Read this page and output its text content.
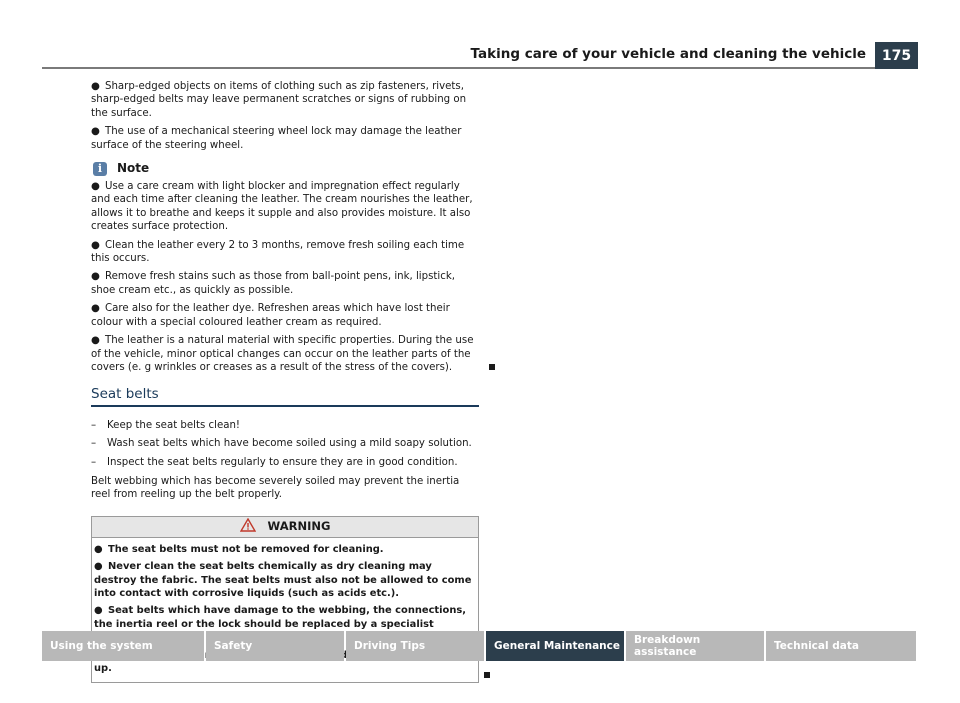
Taking care of your vehicle and cleaning the vehicle	175
● Sharp-edged objects on items of clothing such as zip fasteners, rivets, sharp-edged belts may leave permanent scratches or signs of rubbing on the surface.
● The use of a mechanical steering wheel lock may damage the leather surface of the steering wheel.
i	Note
● Use a care cream with light blocker and impregnation effect regularly and each time after cleaning the leather. The cream nourishes the leather, allows it to breathe and keeps it supple and also provides moisture. It also creates surface protection.
● Clean the leather every 2 to 3 months, remove fresh soiling each time this occurs.
● Remove fresh stains such as those from ball-point pens, ink, lipstick, shoe cream etc., as quickly as possible.
● Care also for the leather dye. Refreshen areas which have lost their colour with a special coloured leather cream as required.
● The leather is a natural material with specific properties. During the use of the vehicle, minor optical changes can occur on the leather parts of the covers (e. g wrinkles or creases as a result of the stress of the covers).
Seat belts
– Keep the seat belts clean!
– Wash seat belts which have become soiled using a mild soapy solution.
– Inspect the seat belts regularly to ensure they are in good condition.
Belt webbing which has become severely soiled may prevent the inertia reel from reeling up the belt properly.
WARNING
● The seat belts must not be removed for cleaning.
● Never clean the seat belts chemically as dry cleaning may destroy the fabric. The seat belts must also not be allowed to come into contact with corrosive liquids (such as acids etc.).
● Seat belts which have damage to the webbing, the connections, the inertia reel or the lock should be replaced by a specialist
up.
Using the system	Safety	Driving Tips	General Maintenance	Breakdown assistance	Technical data
